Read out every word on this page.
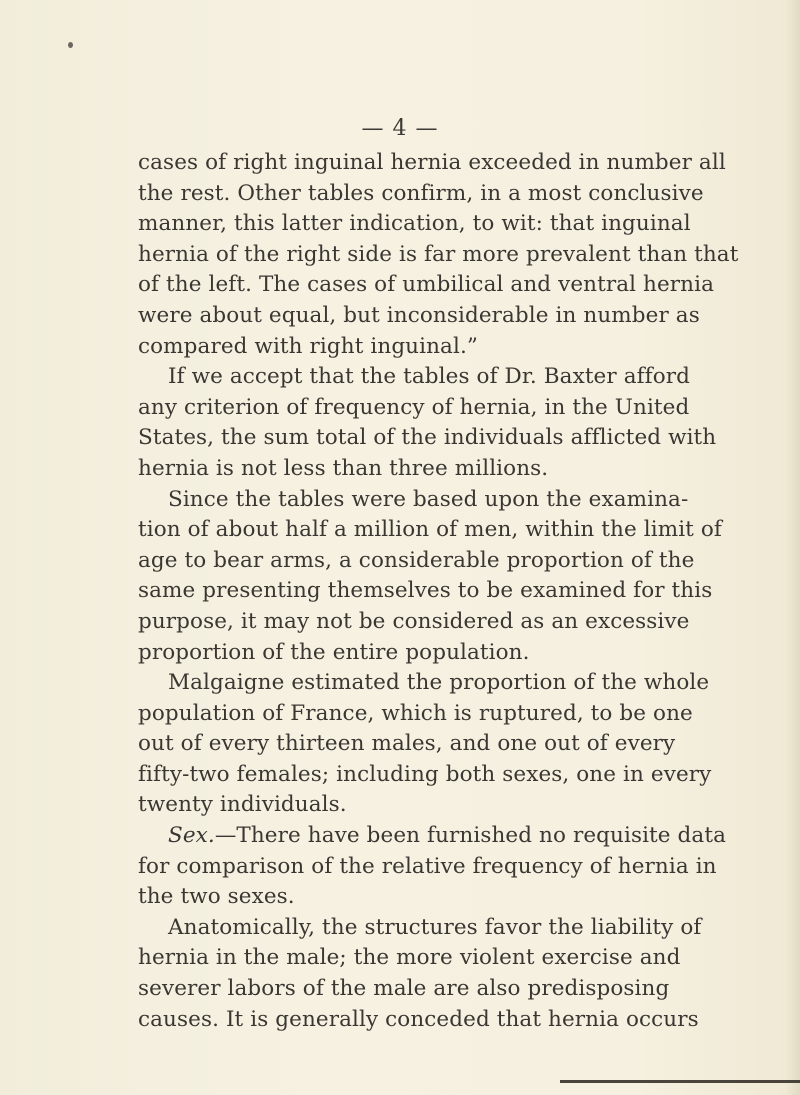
— 4 —
cases of right inguinal hernia exceeded in number all
the rest. Other tables confirm, in a most conclusive
manner, this latter indication, to wit: that inguinal
hernia of the right side is far more prevalent than that
of the left. The cases of umbilical and ventral hernia
were about equal, but inconsiderable in number as
compared with right inguinal.”
If we accept that the tables of Dr. Baxter afford
any criterion of frequency of hernia, in the United
States, the sum total of the individuals afflicted with
hernia is not less than three millions.
Since the tables were based upon the examina-
tion of about half a million of men, within the limit of
age to bear arms, a considerable proportion of the
same presenting themselves to be examined for this
purpose, it may not be considered as an excessive
proportion of the entire population.
Malgaigne estimated the proportion of the whole
population of France, which is ruptured, to be one
out of every thirteen males, and one out of every
fifty-two females; including both sexes, one in every
twenty individuals.
Sex.—There have been furnished no requisite data
for comparison of the relative frequency of hernia in
the two sexes.
Anatomically, the structures favor the liability of
hernia in the male; the more violent exercise and
severer labors of the male are also predisposing
causes. It is generally conceded that hernia occurs
